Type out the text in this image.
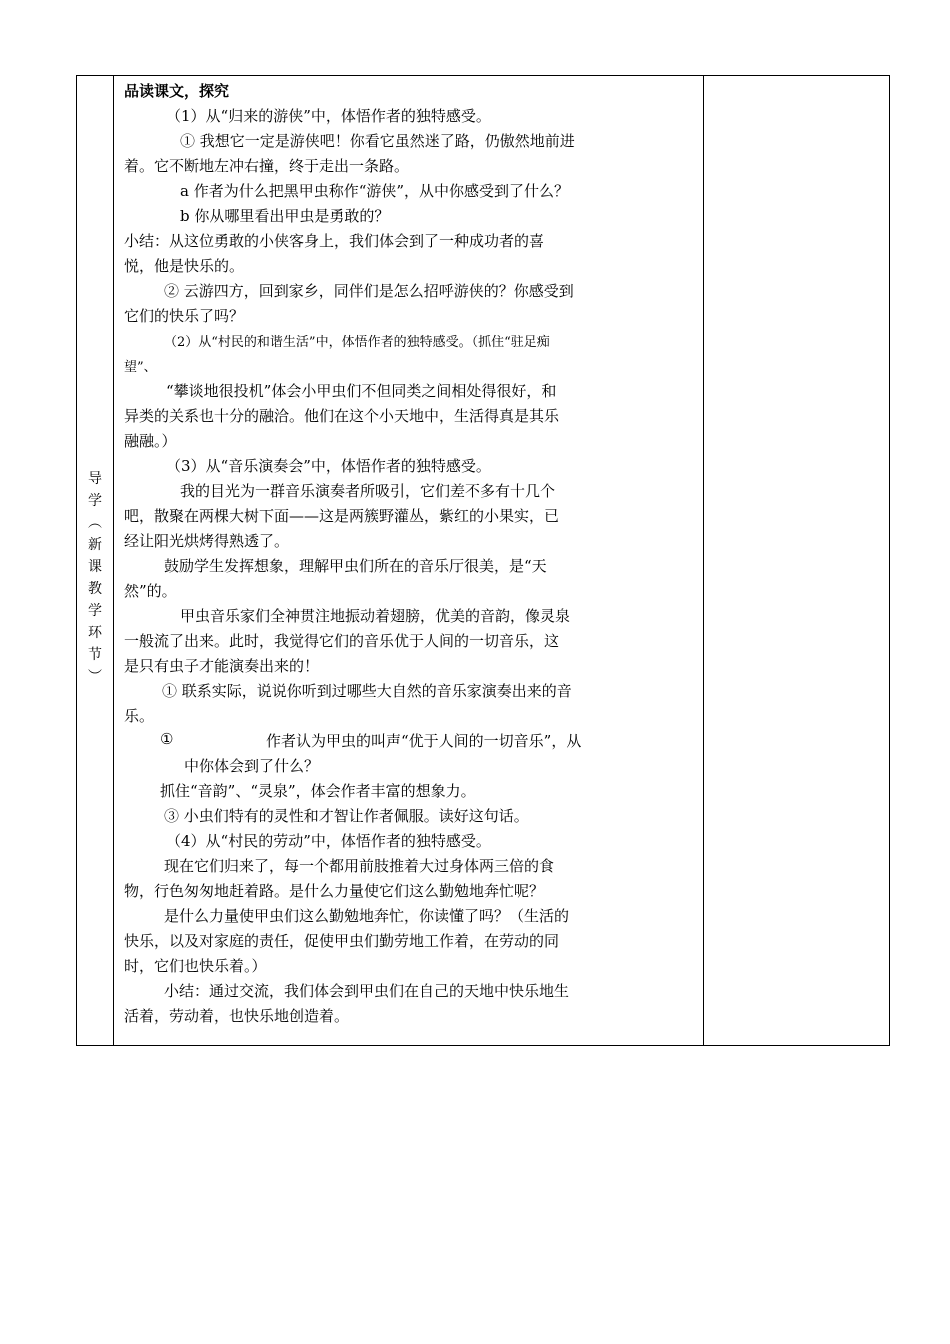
导
学
︵
新
课
教
学
环
节
︶
品读课文，探究
（1）从“归来的游侠”中，体悟作者的独特感受。
① 我想它一定是游侠吧！你看它虽然迷了路，仍傲然地前进
着。它不断地左冲右撞，终于走出一条路。
a 作者为什么把黑甲虫称作“游侠”，从中你感受到了什么？
b 你从哪里看出甲虫是勇敢的？
小结：从这位勇敢的小侠客身上，我们体会到了一种成功者的喜
悦，他是快乐的。
② 云游四方，回到家乡，同伴们是怎么招呼游侠的？你感受到
它们的快乐了吗？
（2）从“村民的和谐生活”中，体悟作者的独特感受。（抓住“驻足痴
望”、
“攀谈地很投机”体会小甲虫们不但同类之间相处得很好，和
异类的关系也十分的融洽。他们在这个小天地中，生活得真是其乐
融融。）
（3）从“音乐演奏会”中，体悟作者的独特感受。
我的目光为一群音乐演奏者所吸引，它们差不多有十几个
吧，散聚在两棵大树下面——这是两簇野灌丛，紫红的小果实，已
经让阳光烘烤得熟透了。
鼓励学生发挥想象，理解甲虫们所在的音乐厅很美，是“天
然”的。
甲虫音乐家们全神贯注地振动着翅膀，优美的音韵，像灵泉
一般流了出来。此时，我觉得它们的音乐优于人间的一切音乐，这
是只有虫子才能演奏出来的！
① 联系实际，说说你听到过哪些大自然的音乐家演奏出来的音
乐。
①	作者认为甲虫的叫声“优于人间的一切音乐”，从
中你体会到了什么？
抓住“音韵”、“灵泉”，体会作者丰富的想象力。
③ 小虫们特有的灵性和才智让作者佩服。读好这句话。
（4）从“村民的劳动”中，体悟作者的独特感受。
现在它们归来了，每一个都用前肢推着大过身体两三倍的食
物，行色匆匆地赶着路。是什么力量使它们这么勤勉地奔忙呢？
是什么力量使甲虫们这么勤勉地奔忙，你读懂了吗？（生活的
快乐，以及对家庭的责任，促使甲虫们勤劳地工作着，在劳动的同
时，它们也快乐着。）
小结：通过交流，我们体会到甲虫们在自己的天地中快乐地生
活着，劳动着，也快乐地创造着。
